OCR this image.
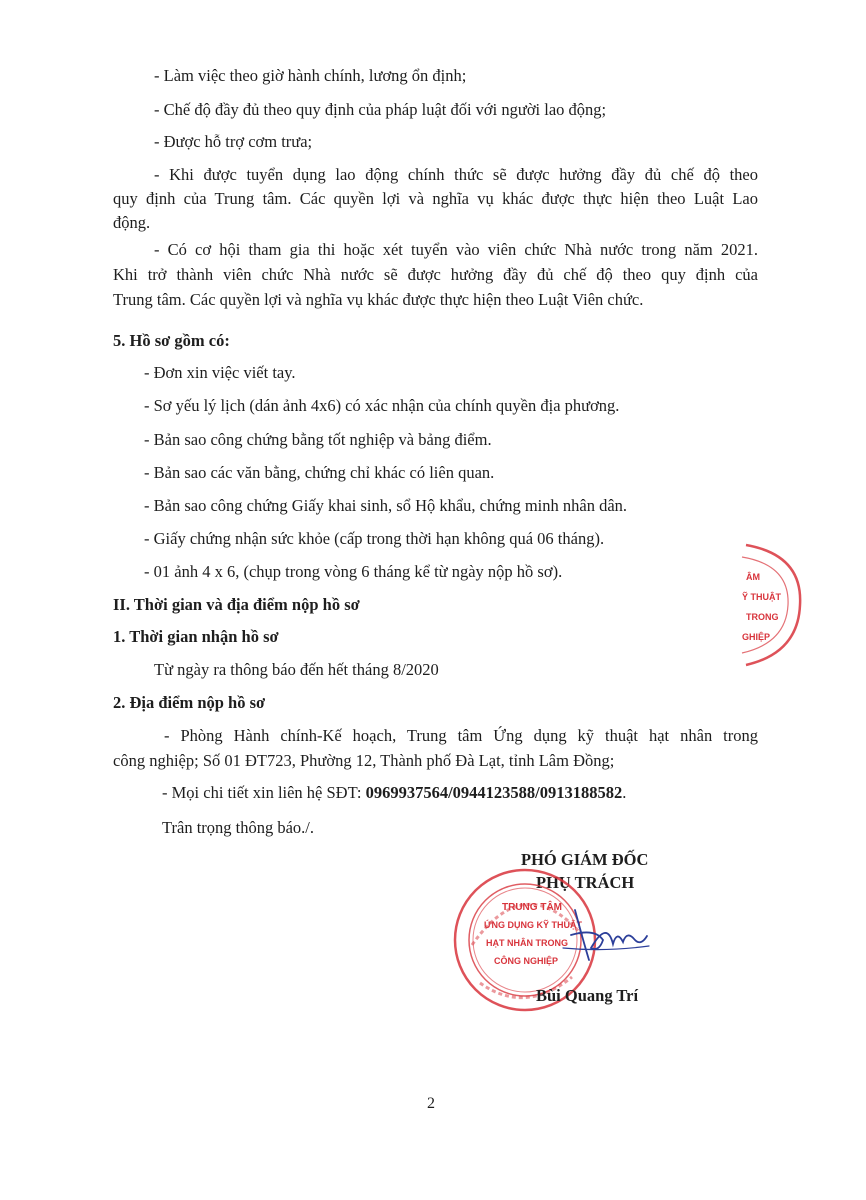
- Làm việc theo giờ hành chính, lương ổn định;
- Chế độ đầy đủ theo quy định của pháp luật đối với người lao động;
- Được hỗ trợ cơm trưa;
- Khi được tuyển dụng lao động chính thức sẽ được hưởng đầy đủ chế độ theo
quy định của Trung tâm. Các quyền lợi và nghĩa vụ khác được thực hiện theo Luật Lao
động.
- Có cơ hội tham gia thi hoặc xét tuyển vào viên chức Nhà nước trong năm 2021.
Khi trở thành viên chức Nhà nước sẽ được hưởng đầy đủ chế độ theo quy định của
Trung tâm. Các quyền lợi và nghĩa vụ khác được thực hiện theo Luật Viên chức.
5. Hồ sơ gồm có:
- Đơn xin việc viết tay.
- Sơ yếu lý lịch (dán ảnh 4x6) có xác nhận của chính quyền địa phương.
- Bản sao công chứng bằng tốt nghiệp và bảng điểm.
- Bản sao các văn bằng, chứng chỉ khác có liên quan.
- Bản sao công chứng Giấy khai sinh, sổ Hộ khẩu, chứng minh nhân dân.
- Giấy chứng nhận sức khỏe (cấp trong thời hạn không quá 06 tháng).
- 01 ảnh 4 x 6, (chụp trong vòng 6 tháng kể từ ngày nộp hồ sơ).
II. Thời gian và địa điểm nộp hồ sơ
1. Thời gian nhận hồ sơ
Từ ngày ra thông báo đến hết tháng 8/2020
2. Địa điểm nộp hồ sơ
- Phòng Hành chính-Kế hoạch, Trung tâm Ứng dụng kỹ thuật hạt nhân trong
công nghiệp; Số 01 ĐT723, Phường 12, Thành phố Đà Lạt, tỉnh Lâm Đồng;
- Mọi chi tiết xin liên hệ SĐT: 0969937564/0944123588/0913188582.
Trân trọng thông báo./.
PHÓ GIÁM ĐỐC
PHỤ TRÁCH
TRUNG TÂM
ỨNG DỤNG KỸ THUẬT
HẠT NHÂN TRONG
CÔNG NGHIỆP
Bùi Quang Trí
ÂM
Ỹ THUẬT
TRONG
GHIỆP
2
